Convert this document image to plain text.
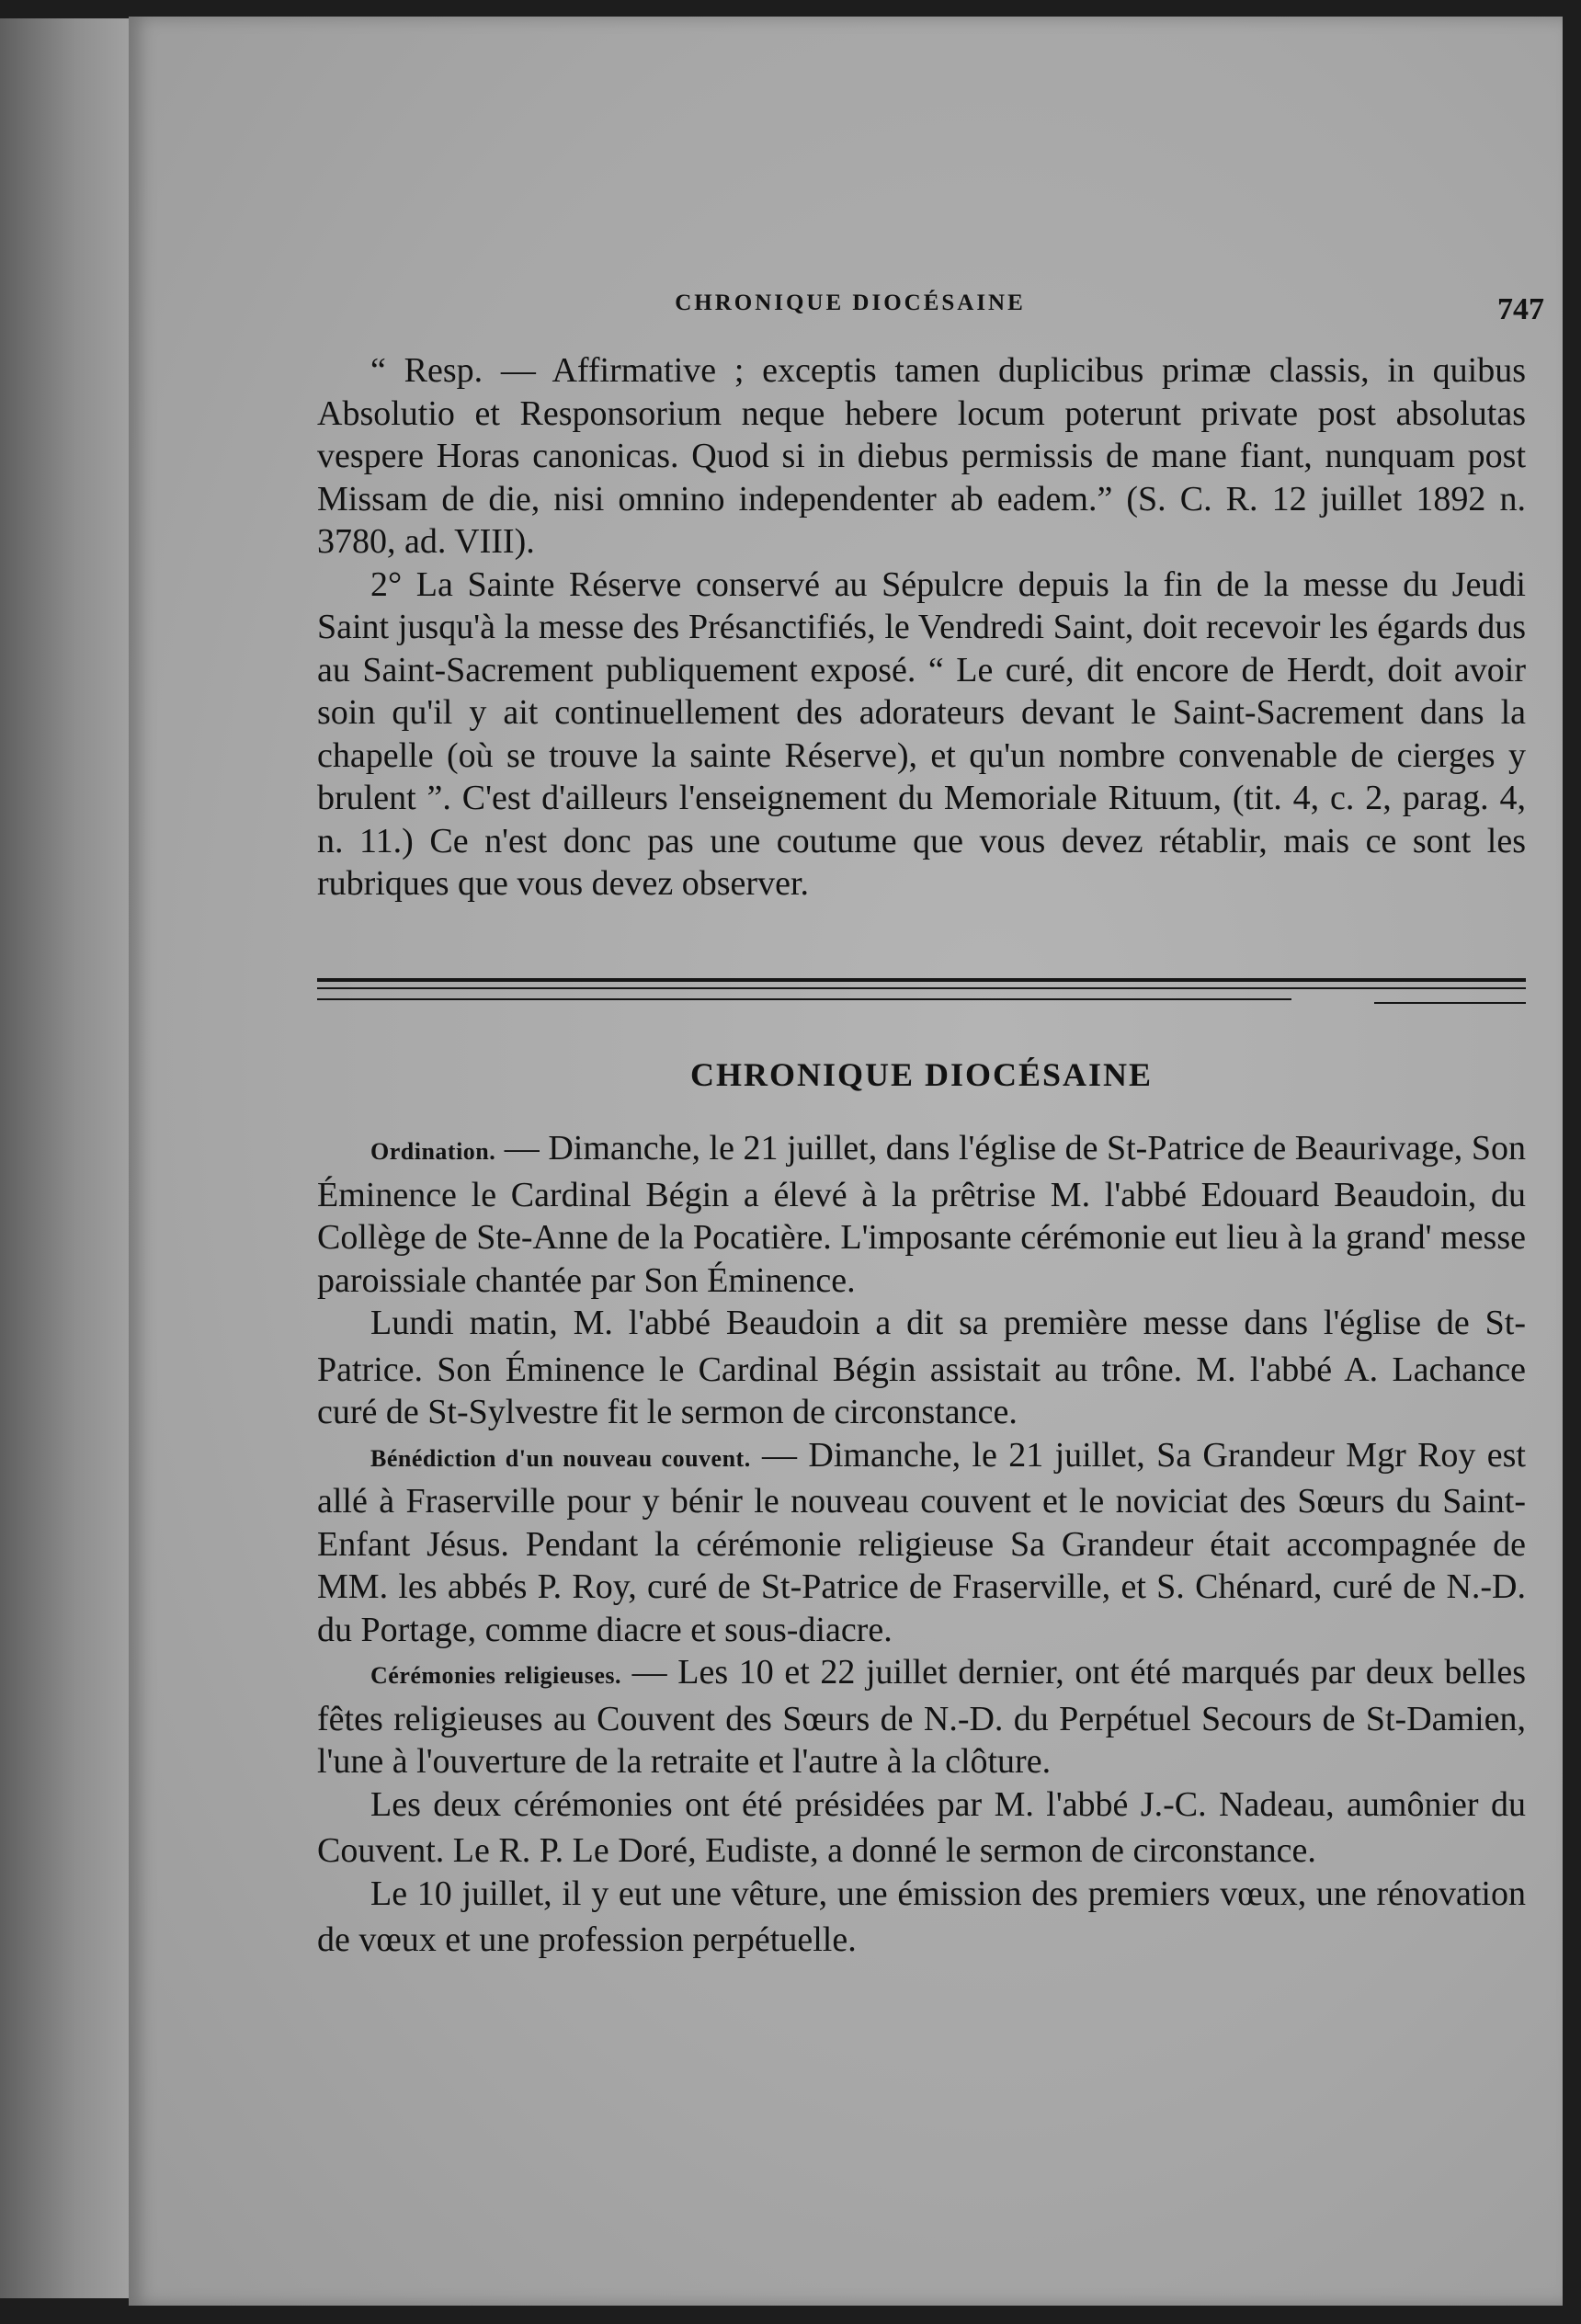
CHRONIQUE DIOCÉSAINE	747

“ Resp. — Affirmative ; exceptis tamen duplicibus primæ classis, in quibus Absolutio et Responsorium neque hebere locum poterunt private post absolutas vespere Horas canonicas. Quod si in diebus permissis de mane fiant, nunquam post Missam de die, nisi omnino independenter ab eadem.” (S. C. R. 12 juillet 1892 n. 3780, ad. VIII).

2° La Sainte Réserve conservé au Sépulcre depuis la fin de la messe du Jeudi Saint jusqu'à la messe des Présanctifiés, le Vendredi Saint, doit recevoir les égards dus au Saint-Sacrement publiquement exposé. “ Le curé, dit encore de Herdt, doit avoir soin qu'il y ait continuellement des adorateurs devant le Saint-Sacrement dans la chapelle (où se trouve la sainte Réserve), et qu'un nombre convenable de cierges y brulent ”. C'est d'ailleurs l'enseignement du Memoriale Rituum, (tit. 4, c. 2, parag. 4, n. 11.) Ce n'est donc pas une coutume que vous devez rétablir, mais ce sont les rubriques que vous devez observer.

CHRONIQUE DIOCÉSAINE

Ordination. — Dimanche, le 21 juillet, dans l'église de St-Patrice de Beaurivage, Son Éminence le Cardinal Bégin a élevé à la prêtrise M. l'abbé Edouard Beaudoin, du Collège de Ste-Anne de la Pocatière. L'imposante cérémonie eut lieu à la grand' messe paroissiale chantée par Son Éminence.

Lundi matin, M. l'abbé Beaudoin a dit sa première messe dans l'église de St-Patrice. Son Éminence le Cardinal Bégin assistait au trône. M. l'abbé A. Lachance curé de St-Sylvestre fit le sermon de circonstance.

Bénédiction d'un nouveau couvent. — Dimanche, le 21 juillet, Sa Grandeur Mgr Roy est allé à Fraserville pour y bénir le nouveau couvent et le noviciat des Sœurs du Saint-Enfant Jésus. Pendant la cérémonie religieuse Sa Grandeur était accompagnée de MM. les abbés P. Roy, curé de St-Patrice de Fraserville, et S. Chénard, curé de N.-D. du Portage, comme diacre et sous-diacre.

Cérémonies religieuses. — Les 10 et 22 juillet dernier, ont été marqués par deux belles fêtes religieuses au Couvent des Sœurs de N.-D. du Perpétuel Secours de St-Damien, l'une à l'ouverture de la retraite et l'autre à la clôture.

Les deux cérémonies ont été présidées par M. l'abbé J.-C. Nadeau, aumônier du Couvent. Le R. P. Le Doré, Eudiste, a donné le sermon de circonstance.

Le 10 juillet, il y eut une vêture, une émission des premiers vœux, une rénovation de vœux et une profession perpétuelle.
